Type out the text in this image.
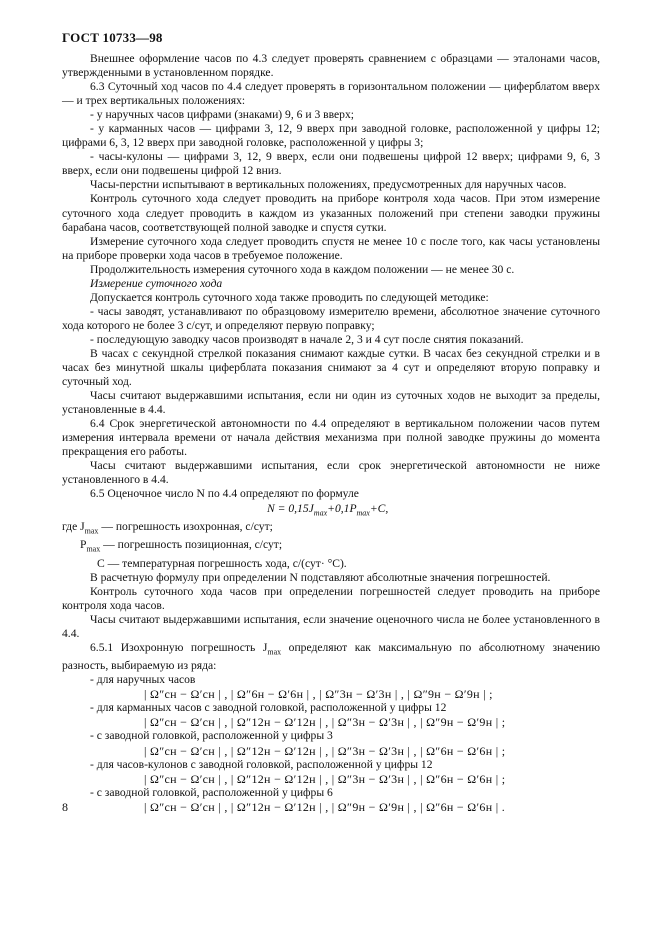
ГОСТ 10733—98

Внешнее оформление часов по 4.3 следует проверять сравнением с образцами — эталонами часов, утвержденными в установленном порядке.

6.3 Суточный ход часов по 4.4 следует проверять в горизонтальном положении — циферблатом вверх — и трех вертикальных положениях:

- у наручных часов цифрами (знаками) 9, 6 и 3 вверх;

- у карманных часов — цифрами 3, 12, 9 вверх при заводной головке, расположенной у цифры 12; цифрами 6, 3, 12 вверх при заводной головке, расположенной у цифры 3;

- часы-кулоны — цифрами 3, 12, 9 вверх, если они подвешены цифрой 12 вверх; цифрами 9, 6, 3 вверх, если они подвешены цифрой 12 вниз.

Часы-перстни испытывают в вертикальных положениях, предусмотренных для наручных часов.

Контроль суточного хода следует проводить на приборе контроля хода часов. При этом измерение суточного хода следует проводить в каждом из указанных положений при степени заводки пружины барабана часов, соответствующей полной заводке и спустя сутки.

Измерение суточного хода следует проводить спустя не менее 10 с после того, как часы установлены на приборе проверки хода часов в требуемое положение.

Продолжительность измерения суточного хода в каждом положении — не менее 30 с.

Измерение суточного хода

Допускается контроль суточного хода также проводить по следующей методике:

- часы заводят, устанавливают по образцовому измерителю времени, абсолютное значение суточного хода которого не более 3 с/сут, и определяют первую поправку;

- последующую заводку часов производят в начале 2, 3 и 4 сут после снятия показаний.

В часах с секундной стрелкой показания снимают каждые сутки. В часах без секундной стрелки и в часах без минутной шкалы циферблата показания снимают за 4 сут и определяют вторую поправку и суточный ход.

Часы считают выдержавшими испытания, если ни один из суточных ходов не выходит за пределы, установленные в 4.4.

6.4 Срок энергетической автономности по 4.4 определяют в вертикальном положении часов путем измерения интервала времени от начала действия механизма при полной заводке пружины до момента прекращения его работы.

Часы считают выдержавшими испытания, если срок энергетической автономности не ниже установленного в 4.4.

6.5 Оценочное число N по 4.4 определяют по формуле

$N = 0,15J_{max}+0,1P_{max}+C$,

где $J_{max}$ — погрешность изохронная, с/сут;

$P_{max}$ — погрешность позиционная, с/сут;

C — температурная погрешность хода, с/(сут· °С).

В расчетную формулу при определении N подставляют абсолютные значения погрешностей.

Контроль суточного хода часов при определении погрешностей следует проводить на приборе контроля хода часов.

Часы считают выдержавшими испытания, если значение оценочного числа не более установленного в 4.4.

6.5.1 Изохронную погрешность $J_{max}$ определяют как максимальную по абсолютному значению разность, выбираемую из ряда:

- для наручных часов

| Ω″сн − Ω′сн | , | Ω″6н − Ω′6н | , | Ω″3н − Ω′3н | , | Ω″9н − Ω′9н | ;

- для карманных часов с заводной головкой, расположенной у цифры 12

| Ω″сн − Ω′сн | , | Ω″12н − Ω′12н | , | Ω″3н − Ω′3н | , | Ω″9н − Ω′9н | ;

- с заводной головкой, расположенной у цифры 3

| Ω″сн − Ω′сн | , | Ω″12н − Ω′12н | , | Ω″3н − Ω′3н | , | Ω″6н − Ω′6н | ;

- для часов-кулонов с заводной головкой, расположенной у цифры 12

| Ω″сн − Ω′сн | , | Ω″12н − Ω′12н | , | Ω″3н − Ω′3н | , | Ω″6н − Ω′6н | ;

- с заводной головкой, расположенной у цифры 6

| Ω″сн − Ω′сн | , | Ω″12н − Ω′12н | , | Ω″9н − Ω′9н | , | Ω″6н − Ω′6н | .

8
